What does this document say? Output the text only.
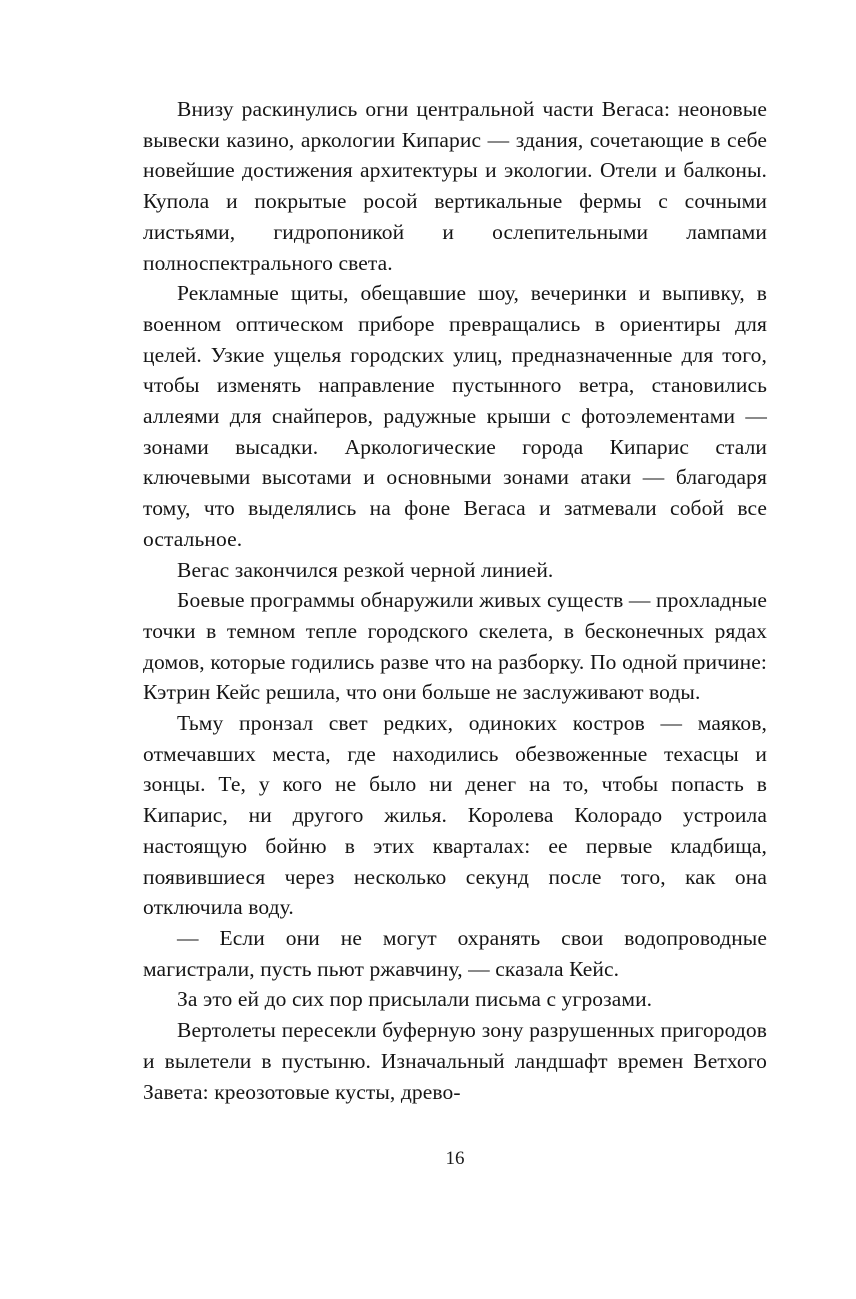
Внизу раскинулись огни центральной части Вегаса: неоновые вывески казино, аркологии Кипарис — здания, сочетающие в себе новейшие достижения архитектуры и экологии. Отели и балконы. Купола и покрытые росой вертикальные фермы с сочными листьями, гидропоникой и ослепительными лампами полноспектрального света.

Рекламные щиты, обещавшие шоу, вечеринки и выпивку, в военном оптическом приборе превращались в ориентиры для целей. Узкие ущелья городских улиц, предназначенные для того, чтобы изменять направление пустынного ветра, становились аллеями для снайперов, радужные крыши с фотоэлементами — зонами высадки. Аркологические города Кипарис стали ключевыми высотами и основными зонами атаки — благодаря тому, что выделялись на фоне Вегаса и затмевали собой все остальное.

Вегас закончился резкой черной линией.

Боевые программы обнаружили живых существ — прохладные точки в темном тепле городского скелета, в бесконечных рядах домов, которые годились разве что на разборку. По одной причине: Кэтрин Кейс решила, что они больше не заслуживают воды.

Тьму пронзал свет редких, одиноких костров — маяков, отмечавших места, где находились обезвоженные техасцы и зонцы. Те, у кого не было ни денег на то, чтобы попасть в Кипарис, ни другого жилья. Королева Колорадо устроила настоящую бойню в этих кварталах: ее первые кладбища, появившиеся через несколько секунд после того, как она отключила воду.

— Если они не могут охранять свои водопроводные магистрали, пусть пьют ржавчину, — сказала Кейс.

За это ей до сих пор присылали письма с угрозами.

Вертолеты пересекли буферную зону разрушенных пригородов и вылетели в пустыню. Изначальный ландшафт времен Ветхого Завета: креозотовые кусты, древо-

16
